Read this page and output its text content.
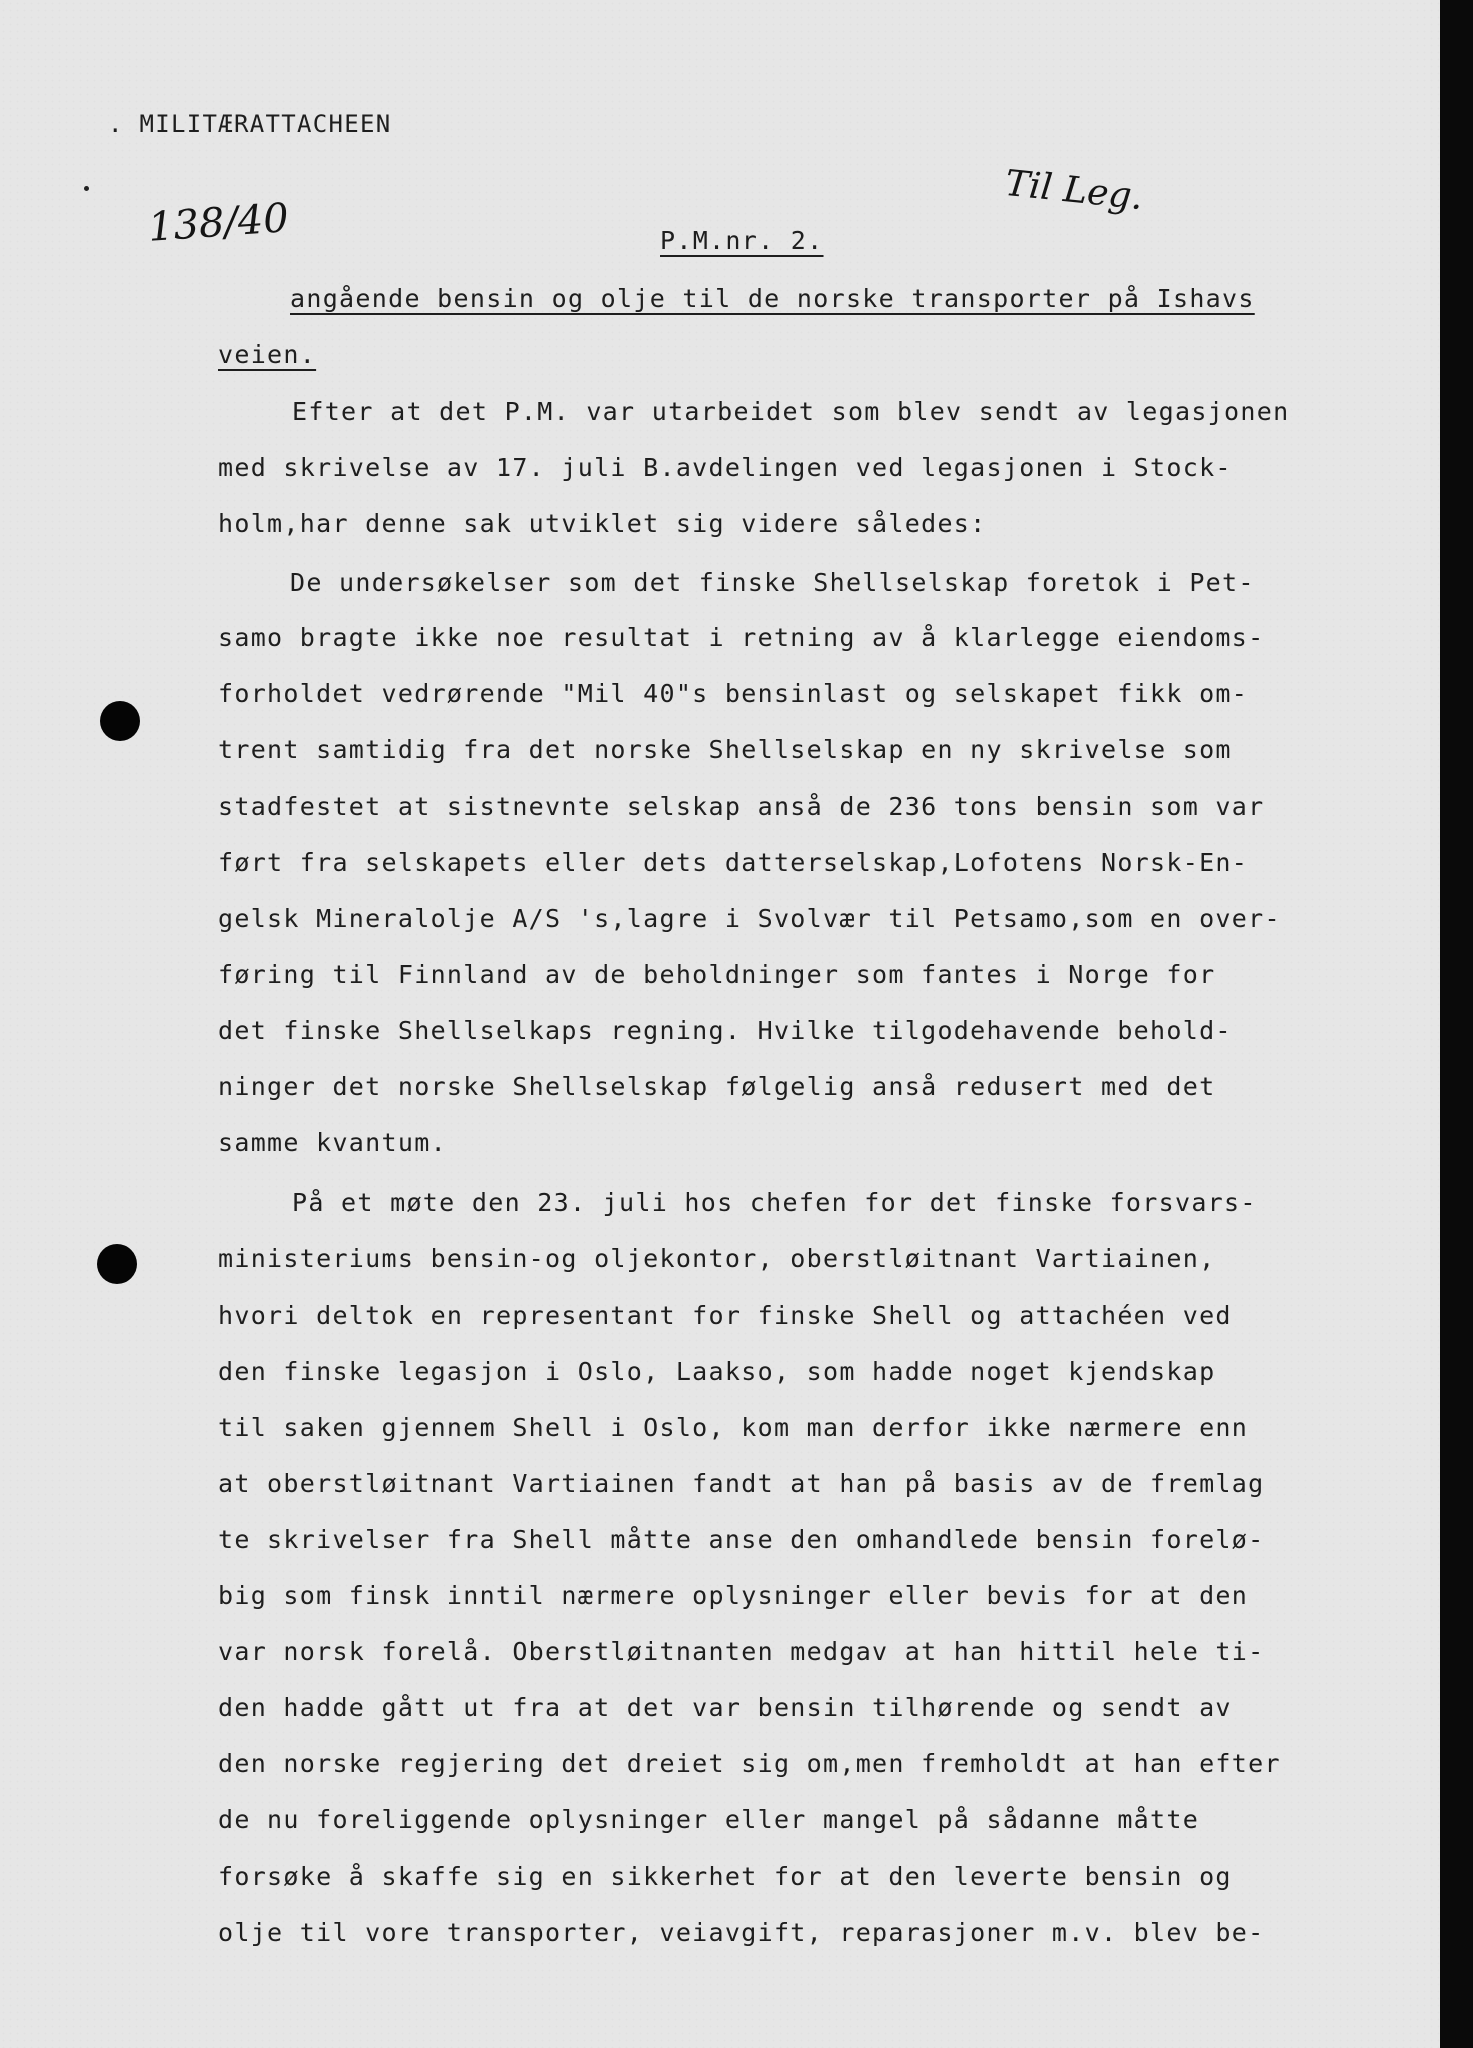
. MILITÆRATTACHEEN
138/40
Til Leg.
P.M.nr. 2.
angående bensin og olje til de norske transporter på Ishavs
veien.
Efter at det P.M. var utarbeidet som blev sendt av legasjonen
med skrivelse av 17. juli B.avdelingen ved legasjonen i Stock-
holm,har denne sak utviklet sig videre således:
De undersøkelser som det finske Shellselskap foretok i Pet-
samo bragte ikke noe resultat i retning av å klarlegge eiendoms-
forholdet vedrørende "Mil 40"s bensinlast og selskapet fikk om-
trent samtidig fra det norske Shellselskap en ny skrivelse som
stadfestet at sistnevnte selskap anså de 236 tons bensin som var
ført fra selskapets eller dets datterselskap,Lofotens Norsk-En-
gelsk Mineralolje A/S 's,lagre i Svolvær til Petsamo,som en over-
føring til Finnland av de beholdninger som fantes i Norge for
det finske Shellselkaps regning. Hvilke tilgodehavende behold-
ninger det norske Shellselskap følgelig anså redusert med det
samme kvantum.
På et møte den 23. juli hos chefen for det finske forsvars-
ministeriums bensin-og oljekontor, oberstløitnant Vartiainen,
hvori deltok en representant for finske Shell og attachéen ved
den finske legasjon i Oslo, Laakso, som hadde noget kjendskap
til saken gjennem Shell i Oslo, kom man derfor ikke nærmere enn
at oberstløitnant Vartiainen fandt at han på basis av de fremlag
te skrivelser fra Shell måtte anse den omhandlede bensin forelø-
big som finsk inntil nærmere oplysninger eller bevis for at den
var norsk forelå. Oberstløitnanten medgav at han hittil hele ti-
den hadde gått ut fra at det var bensin tilhørende og sendt av
den norske regjering det dreiet sig om,men fremholdt at han efter
de nu foreliggende oplysninger eller mangel på sådanne måtte
forsøke å skaffe sig en sikkerhet for at den leverte bensin og
olje til vore transporter, veiavgift, reparasjoner m.v. blev be-
